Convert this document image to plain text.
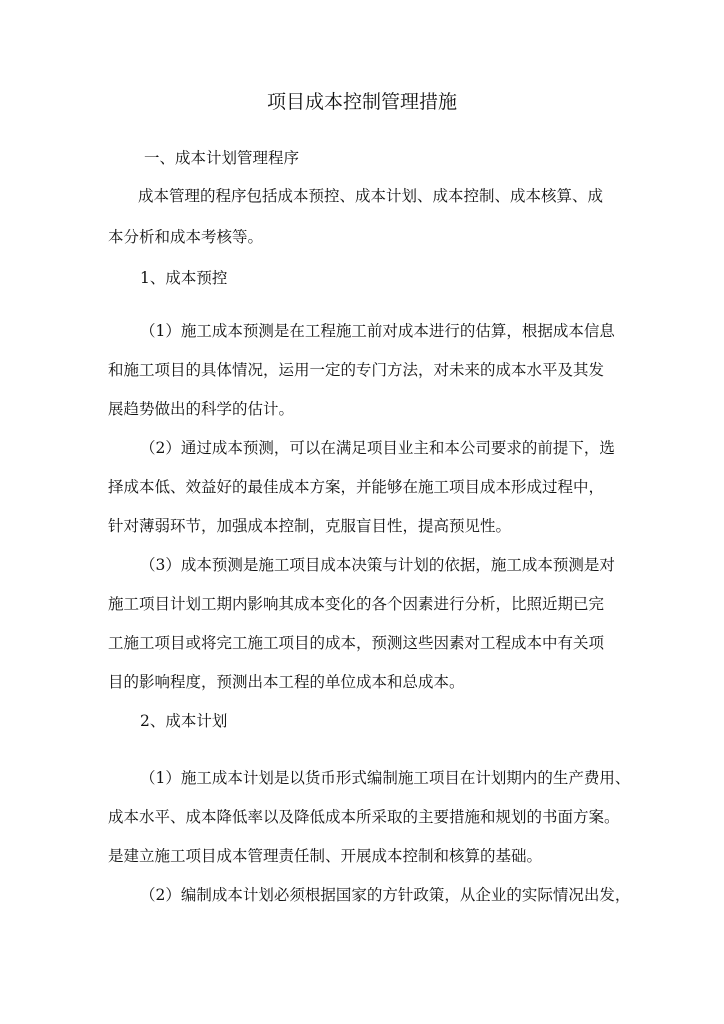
项目成本控制管理措施
一、成本计划管理程序
成本管理的程序包括成本预控、成本计划、成本控制、成本核算、成
本分析和成本考核等。
1、成本预控
（1）施工成本预测是在工程施工前对成本进行的估算，根据成本信息
和施工项目的具体情况，运用一定的专门方法，对未来的成本水平及其发
展趋势做出的科学的估计。
（2）通过成本预测，可以在满足项目业主和本公司要求的前提下，选
择成本低、效益好的最佳成本方案，并能够在施工项目成本形成过程中，
针对薄弱环节，加强成本控制，克服盲目性，提高预见性。
（3）成本预测是施工项目成本决策与计划的依据，施工成本预测是对
施工项目计划工期内影响其成本变化的各个因素进行分析，比照近期已完
工施工项目或将完工施工项目的成本，预测这些因素对工程成本中有关项
目的影响程度，预测出本工程的单位成本和总成本。
2、成本计划
（1）施工成本计划是以货币形式编制施工项目在计划期内的生产费用、
成本水平、成本降低率以及降低成本所采取的主要措施和规划的书面方案。
是建立施工项目成本管理责任制、开展成本控制和核算的基础。
（2）编制成本计划必须根据国家的方针政策，从企业的实际情况出发，
